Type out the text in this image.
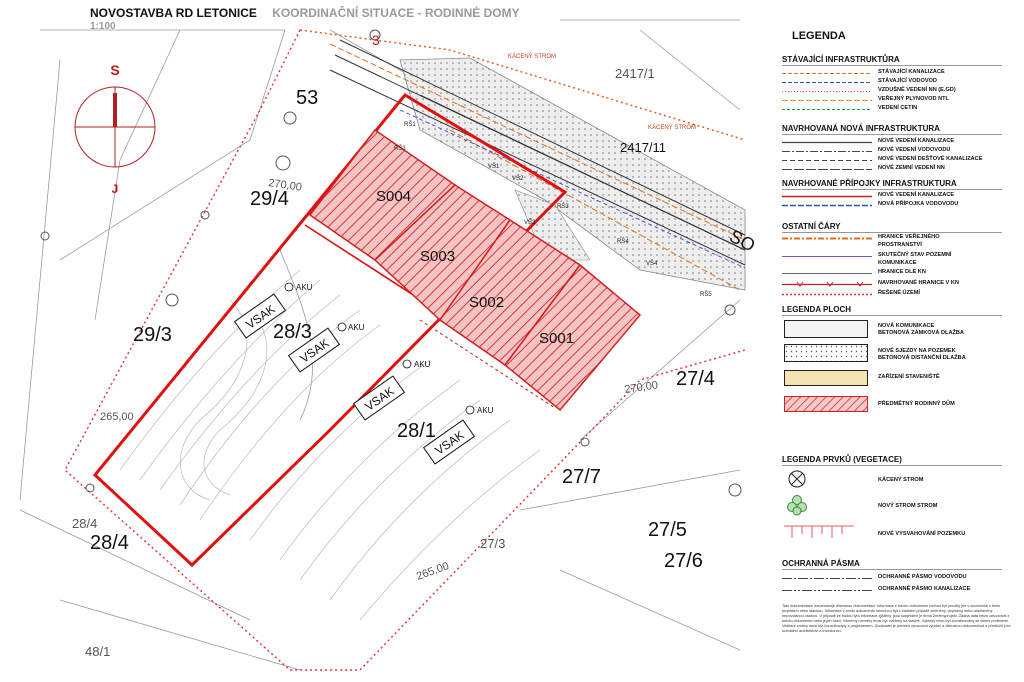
NOVOSTAVBA RD LETONICE KOORDINAČNÍ SITUACE - RODINNÉ DOMY
1:100
S
J
53
29/4
29/3	28/3
28/1
28/4
27/4
27/7
27/5
27/6
2417/11
2417/1
48/1
27/3
28/4
3
270,00
270,00
265,00
265,00
S004
S003
S002
S001
VSAK
VSAK
VSAK
VSAK
AKU
AKU
AKU
AKU
RŠ1
RŠ1
RŠ3
RŠ4
RŠ5
VŠ1
VŠ2
VŠ3
VŠ4
KÁCENÝ STROM
KÁCENÝ STROM
SO
LEGENDA
STÁVAJÍCÍ INFRASTRUKTŮRA
STÁVAJÍCÍ KANALIZACE
STÁVAJÍCÍ VODOVOD
VZDUŠNÉ VEDENÍ NN (E.GD)
VEŘEJNÝ PLYNOVOD NTL
VEDENÍ CETIN
NAVRHOVANÁ NOVÁ INFRASTRUKTURA
NOVÉ VEDENÍ KANALIZACE
NOVÉ VEDENÍ VODOVODU
NOVÉ VEDENÍ DEŠŤOVÉ KANALIZACE
NOVÉ ZEMNÍ VEDENÍ NN
NAVRHOVANÉ PŘÍPOJKY INFRASTRUKTURA
NOVÉ VEDENÍ KANALIZACE
NOVÁ PŘÍPOJKA VODOVODU
OSTATNÍ ČÁRY
HRANICE VEŘEJNÉHO
PROSTRANSTVÍ
SKUTEČNÝ STAV POZEMNÍ
KOMUNIKACE
HRANICE DLE KN
NAVRHOVANÉ HRANICE V KN
ŘEŠENÉ ÚZEMÍ
LEGENDA PLOCH
NOVÁ KOMUNIKACE
BETONOVÁ ZÁMKOVÁ DLAŽBA
NOVÉ SJEZDY NA POZEMEK
BETONOVÁ DISTANČNÍ DLAŽBA
ZAŘÍZENÍ STAVENIŠTĚ
PŘEDMĚTNÝ RODINNÝ DŮM
LEGENDA PRVKŮ (VEGETACE)
KÁCENÝ STROM
NOVÝ STROM STROM
NOVÉ VYSVAHOVÁNÍ POZEMKU
OCHRANNÁ PÁSMA
OCHRANNÉ PÁSMO VODOVODU
OCHRANNÉ PÁSMO KANALIZACE
Tato dokumentace nenahrazuje dílenskou dokumentaci. Informace z tohoto dokumentu mohou být použity jen v souvislosti s tímto projektem nebo stavbou. Informace v tomto dokumentu nemohou být v žádném případě změněny, doplněny nebo odstraněny nepovolanou osobou. V případě že budou tyto informace zjištěny, jsou subjektem je firma Změlnýprojekt. Žádná data nelze odvozovat z tohoto dokumentu nebo jejich částí. Všechny rozměry musí být ověřeny na stavbě. Výkresy musí být koordinovány se všemi profesemi. Veškeré změny musí být konzultovány s projektantem. Dodavatel je povinen zpracovat výrobní a dílenskou dokumentaci a předložit ji ke schválení architektovi a investorovi.
